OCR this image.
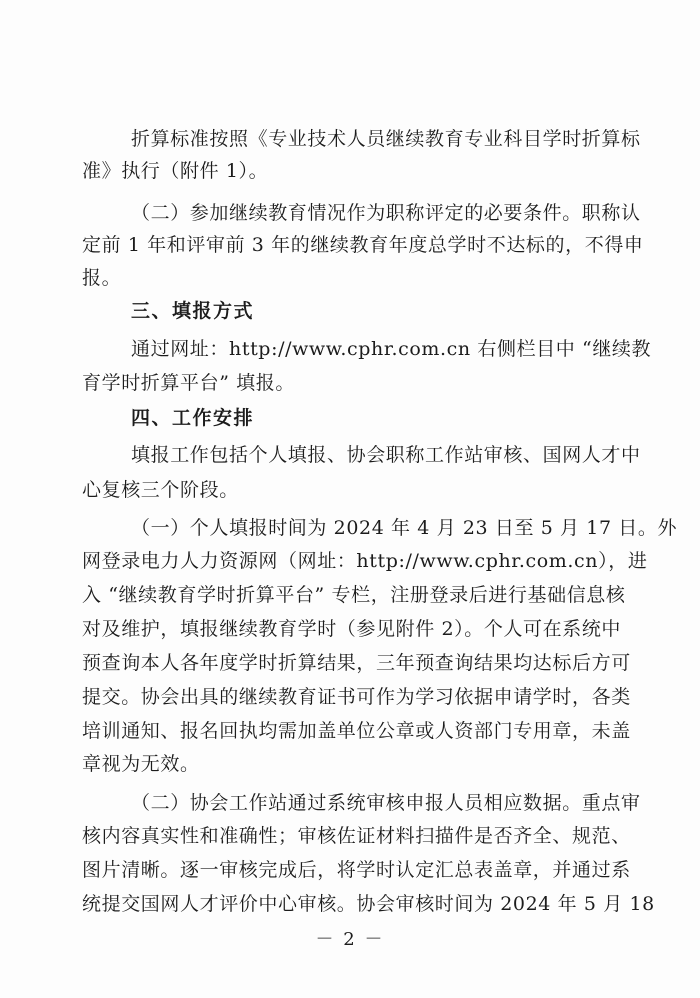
折算标准按照《专业技术人员继续教育专业科目学时折算标
准》执行（附件 1）。
（二）参加继续教育情况作为职称评定的必要条件。职称认
定前 1 年和评审前 3 年的继续教育年度总学时不达标的，不得申
报。
三、填报方式
通过网址：http://www.cphr.com.cn 右侧栏目中 “继续教
育学时折算平台” 填报。
四、工作安排
填报工作包括个人填报、协会职称工作站审核、国网人才中
心复核三个阶段。
（一）个人填报时间为 2024 年 4 月 23 日至 5 月 17 日。外
网登录电力人力资源网（网址：http://www.cphr.com.cn），进
入 “继续教育学时折算平台” 专栏，注册登录后进行基础信息核
对及维护，填报继续教育学时（参见附件 2）。个人可在系统中
预查询本人各年度学时折算结果，三年预查询结果均达标后方可
提交。协会出具的继续教育证书可作为学习依据申请学时，各类
培训通知、报名回执均需加盖单位公章或人资部门专用章，未盖
章视为无效。
（二）协会工作站通过系统审核申报人员相应数据。重点审
核内容真实性和准确性；审核佐证材料扫描件是否齐全、规范、
图片清晰。逐一审核完成后，将学时认定汇总表盖章，并通过系
统提交国网人才评价中心审核。协会审核时间为 2024 年 5 月 18
－ 2 －
